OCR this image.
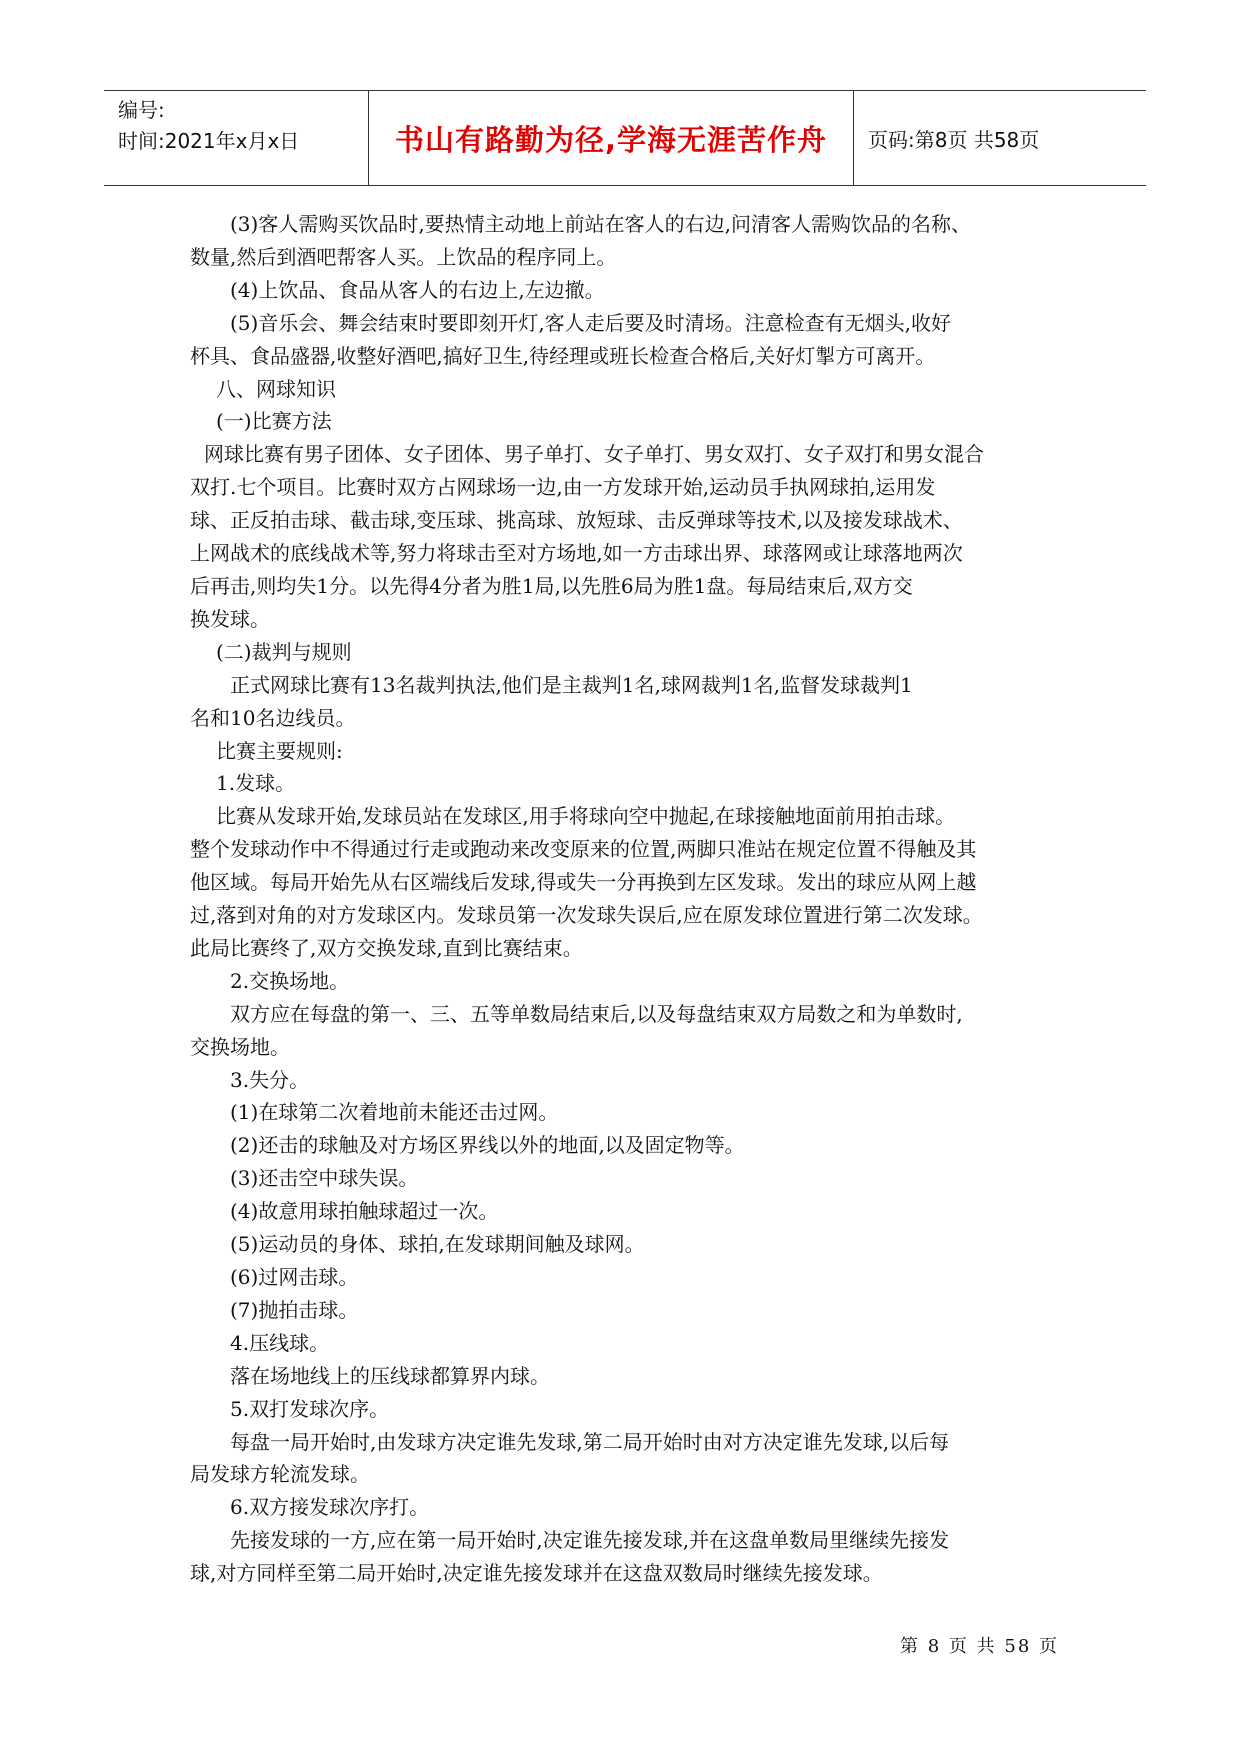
编号:
时间:2021年x月x日	书山有路勤为径,学海无涯苦作舟 页码:第8页 共58页

(3)客人需购买饮品时,要热情主动地上前站在客人的右边,问清客人需购饮品的名称、

数量,然后到酒吧帮客人买。上饮品的程序同上。

(4)上饮品、食品从客人的右边上,左边撤。

(5)音乐会、舞会结束时要即刻开灯,客人走后要及时清场。注意检查有无烟头,收好

杯具、食品盛器,收整好酒吧,搞好卫生,待经理或班长检查合格后,关好灯掣方可离开。

八、网球知识

(一)比赛方法

网球比赛有男子团体、女子团体、男子单打、女子单打、男女双打、女子双打和男女混合

双打.七个项目。比赛时双方占网球场一边,由一方发球开始,运动员手执网球拍,运用发

球、正反拍击球、截击球,变压球、挑高球、放短球、击反弹球等技术,以及接发球战术、

上网战术的底线战术等,努力将球击至对方场地,如一方击球出界、球落网或让球落地两次

后再击,则均失1分。以先得4分者为胜1局,以先胜6局为胜1盘。每局结束后,双方交

换发球。

(二)裁判与规则

正式网球比赛有13名裁判执法,他们是主裁判1名,球网裁判1名,监督发球裁判1

名和10名边线员。

比赛主要规则:

1.发球。

比赛从发球开始,发球员站在发球区,用手将球向空中抛起,在球接触地面前用拍击球。

整个发球动作中不得通过行走或跑动来改变原来的位置,两脚只准站在规定位置不得触及其

他区域。每局开始先从右区端线后发球,得或失一分再换到左区发球。发出的球应从网上越

过,落到对角的对方发球区内。发球员第一次发球失误后,应在原发球位置进行第二次发球。

此局比赛终了,双方交换发球,直到比赛结束。

2.交换场地。

双方应在每盘的第一、三、五等单数局结束后,以及每盘结束双方局数之和为单数时,

交换场地。

3.失分。

(1)在球第二次着地前未能还击过网。

(2)还击的球触及对方场区界线以外的地面,以及固定物等。

(3)还击空中球失误。

(4)故意用球拍触球超过一次。

(5)运动员的身体、球拍,在发球期间触及球网。

(6)过网击球。

(7)抛拍击球。

4.压线球。

落在场地线上的压线球都算界内球。

5.双打发球次序。

每盘一局开始时,由发球方决定谁先发球,第二局开始时由对方决定谁先发球,以后每

局发球方轮流发球。

6.双方接发球次序打。

先接发球的一方,应在第一局开始时,决定谁先接发球,并在这盘单数局里继续先接发

球,对方同样至第二局开始时,决定谁先接发球并在这盘双数局时继续先接发球。

第 8 页 共 58 页
